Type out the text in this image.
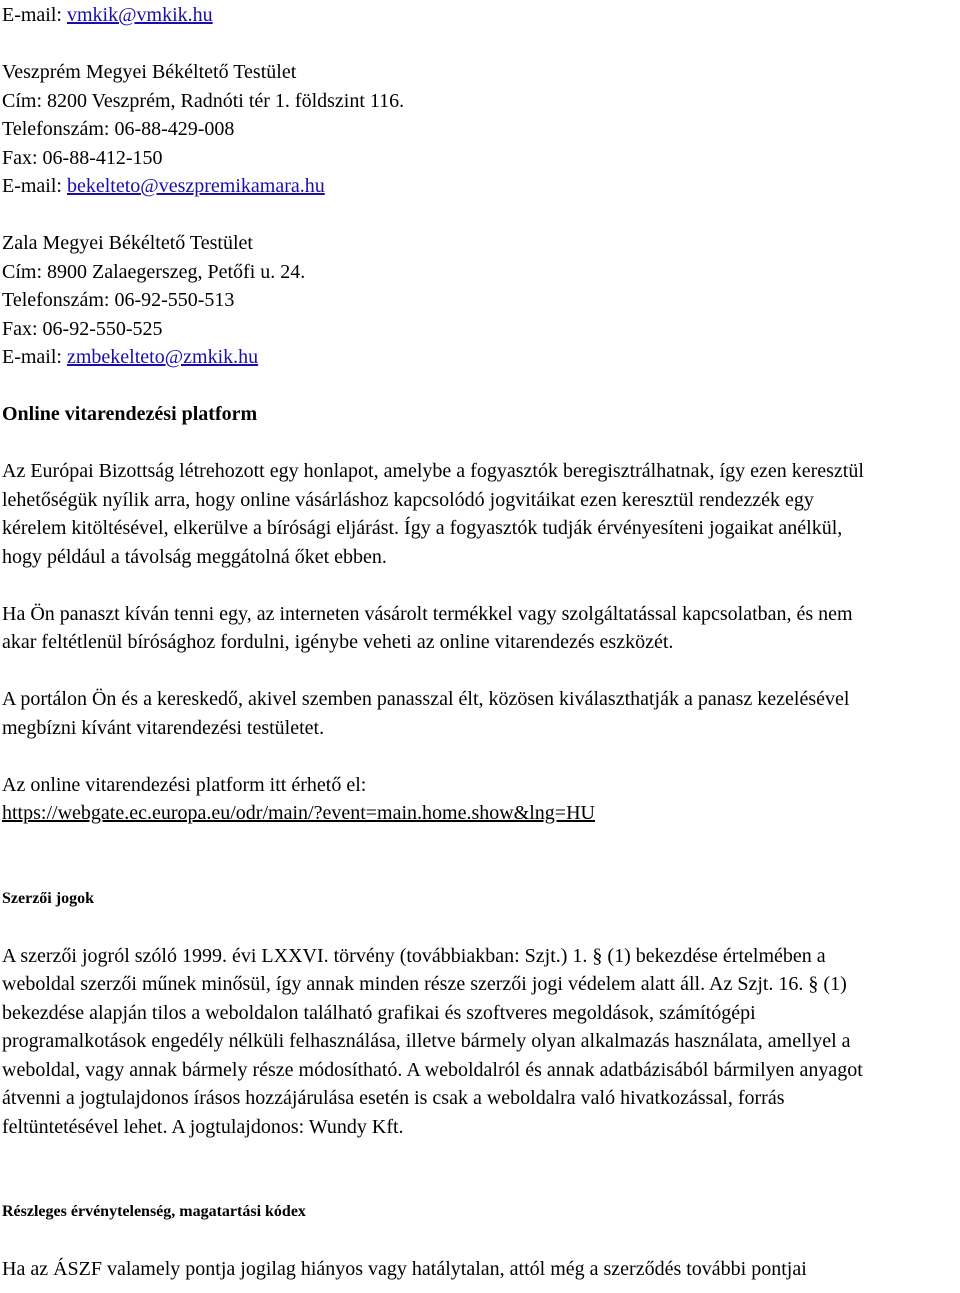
E-mail: vmkik@vmkik.hu
Veszprém Megyei Békéltető Testület
Cím: 8200 Veszprém, Radnóti tér 1. földszint 116.
Telefonszám: 06-88-429-008
Fax: 06-88-412-150
E-mail: bekelteto@veszpremikamara.hu
Zala Megyei Békéltető Testület
Cím: 8900 Zalaegerszeg, Petőfi u. 24.
Telefonszám: 06-92-550-513
Fax: 06-92-550-525
E-mail: zmbekelteto@zmkik.hu
Online vitarendezési platform

Az Európai Bizottság létrehozott egy honlapot, amelybe a fogyasztók beregisztrálhatnak, így ezen keresztül
lehetőségük nyílik arra, hogy online vásárláshoz kapcsolódó jogvitáikat ezen keresztül rendezzék egy
kérelem kitöltésével, elkerülve a bírósági eljárást. Így a fogyasztók tudják érvényesíteni jogaikat anélkül,
hogy például a távolság meggátolná őket ebben.

Ha Ön panaszt kíván tenni egy, az interneten vásárolt termékkel vagy szolgáltatással kapcsolatban, és nem
akar feltétlenül bírósághoz fordulni, igénybe veheti az online vitarendezés eszközét.

A portálon Ön és a kereskedő, akivel szemben panasszal élt, közösen kiválaszthatják a panasz kezelésével
megbízni kívánt vitarendezési testületet.

Az online vitarendezési platform itt érhető el:
https://webgate.ec.europa.eu/odr/main/?event=main.home.show&lng=HU

Szerzői jogok

A szerzői jogról szóló 1999. évi LXXVI. törvény (továbbiakban: Szjt.) 1. § (1) bekezdése értelmében a
weboldal szerzői műnek minősül, így annak minden része szerzői jogi védelem alatt áll. Az Szjt. 16. § (1)
bekezdése alapján tilos a weboldalon található grafikai és szoftveres megoldások, számítógépi
programalkotások engedély nélküli felhasználása, illetve bármely olyan alkalmazás használata, amellyel a
weboldal, vagy annak bármely része módosítható. A weboldalról és annak adatbázisából bármilyen anyagot
átvenni a jogtulajdonos írásos hozzájárulása esetén is csak a weboldalra való hivatkozással, forrás
feltüntetésével lehet. A jogtulajdonos: Wundy Kft.

Részleges érvénytelenség, magatartási kódex

Ha az ÁSZF valamely pontja jogilag hiányos vagy hatálytalan, attól még a szerződés további pontjai
